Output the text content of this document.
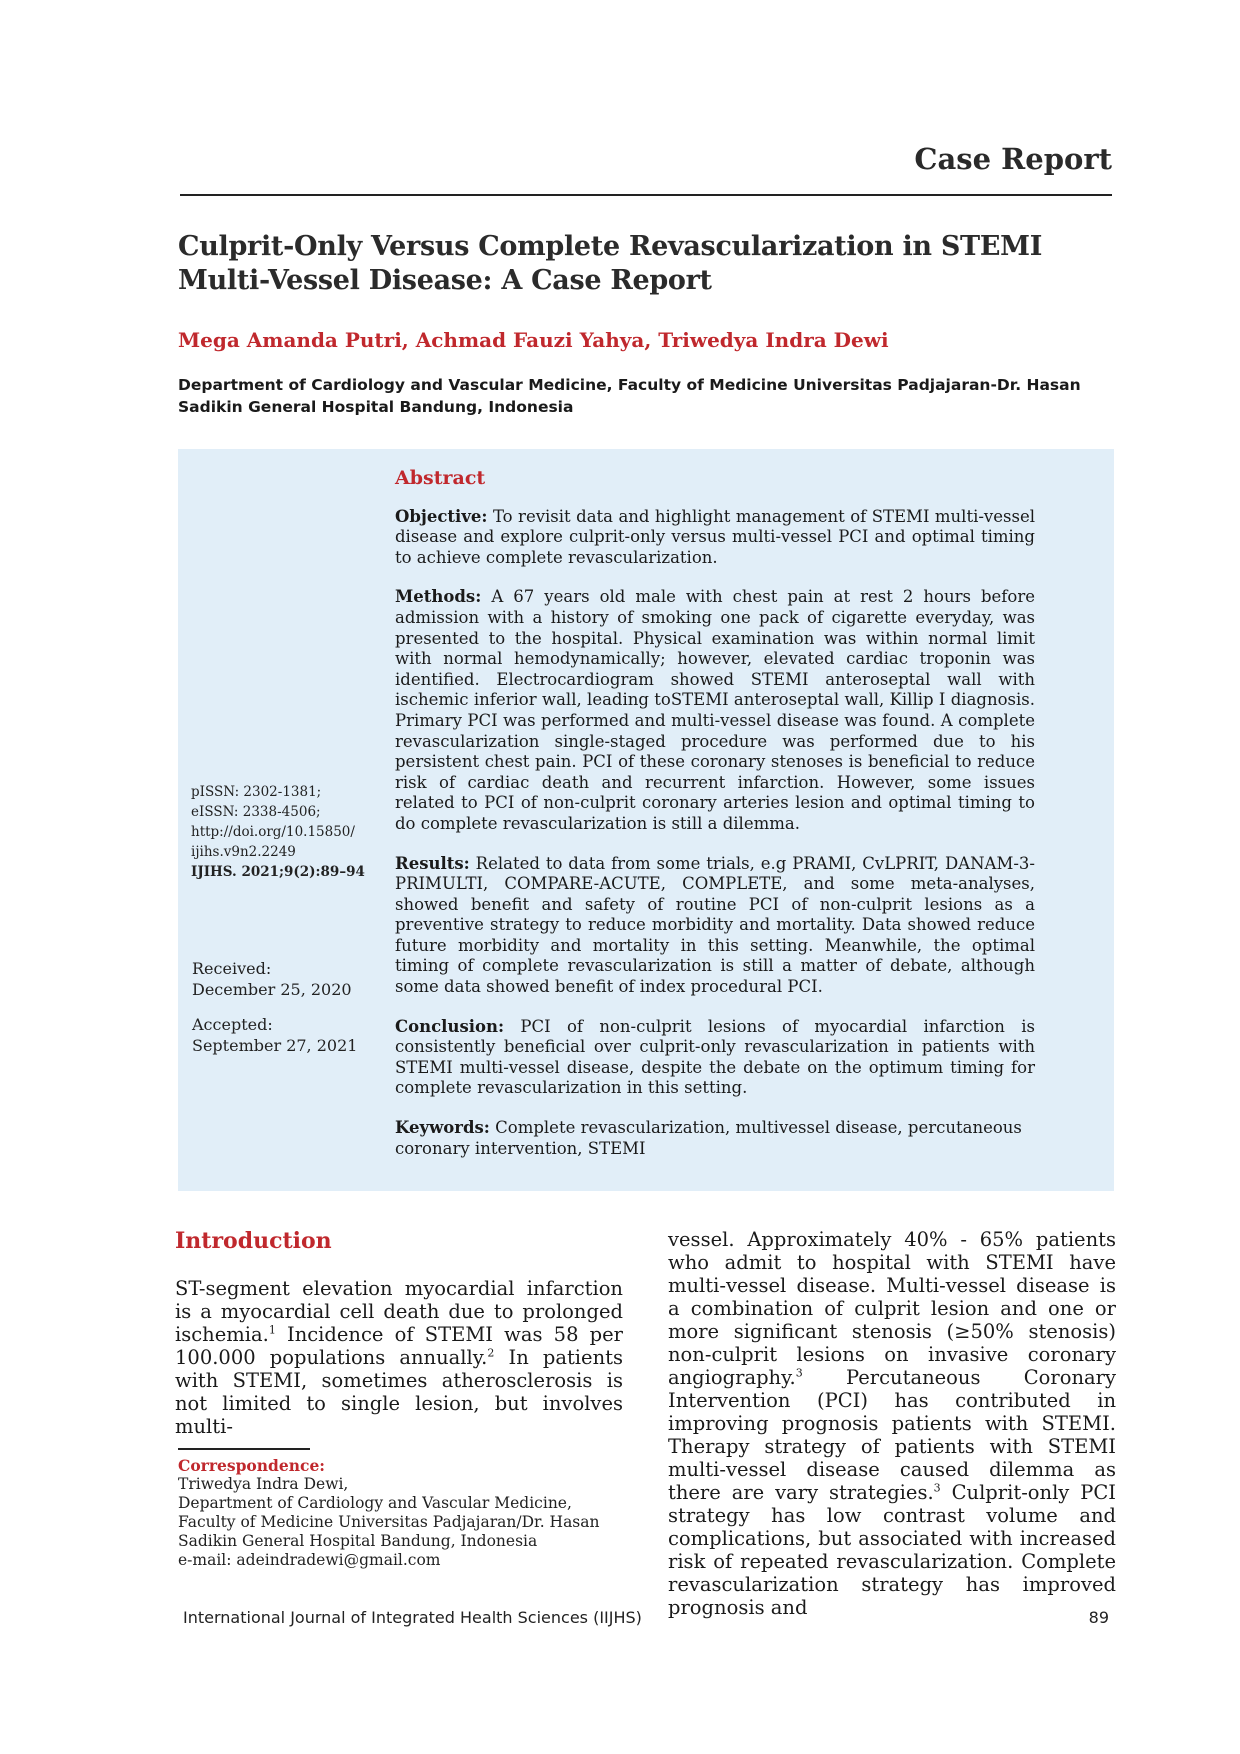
Case Report
Culprit-Only Versus Complete Revascularization in STEMI Multi-Vessel Disease: A Case Report
Mega Amanda Putri, Achmad Fauzi Yahya, Triwedya Indra Dewi
Department of Cardiology and Vascular Medicine, Faculty of Medicine Universitas Padjajaran-Dr. Hasan Sadikin General Hospital Bandung, Indonesia
pISSN: 2302-1381;
eISSN: 2338-4506;
http://doi.org/10.15850/
ijihs.v9n2.2249
IJIHS. 2021;9(2):89–94

Received:
December 25, 2020

Accepted:
September 27, 2021

Abstract

Objective: To revisit data and highlight management of STEMI multi-vessel disease and explore culprit-only versus multi-vessel PCI and optimal timing to achieve complete revascularization.

Methods: A 67 years old male with chest pain at rest 2 hours before admission with a history of smoking one pack of cigarette everyday, was presented to the hospital. Physical examination was within normal limit with normal hemodynamically; however, elevated cardiac troponin was identified. Electrocardiogram showed STEMI anteroseptal wall with ischemic inferior wall, leading toSTEMI anteroseptal wall, Killip I diagnosis. Primary PCI was performed and multi-vessel disease was found. A complete revascularization single-staged procedure was performed due to his persistent chest pain. PCI of these coronary stenoses is beneficial to reduce risk of cardiac death and recurrent infarction. However, some issues related to PCI of non-culprit coronary arteries lesion and optimal timing to do complete revascularization is still a dilemma.

Results: Related to data from some trials, e.g PRAMI, CvLPRIT, DANAM-3-PRIMULTI, COMPARE-ACUTE, COMPLETE, and some meta-analyses, showed benefit and safety of routine PCI of non-culprit lesions as a preventive strategy to reduce morbidity and mortality. Data showed reduce future morbidity and mortality in this setting. Meanwhile, the optimal timing of complete revascularization is still a matter of debate, although some data showed benefit of index procedural PCI.

Conclusion: PCI of non-culprit lesions of myocardial infarction is consistently beneficial over culprit-only revascularization in patients with STEMI multi-vessel disease, despite the debate on the optimum timing for complete revascularization in this setting.

Keywords: Complete revascularization, multivessel disease, percutaneous coronary intervention, STEMI

Introduction
ST-segment elevation myocardial infarction is a myocardial cell death due to prolonged ischemia.$^1$ Incidence of STEMI was 58 per 100.000 populations annually.$^2$ In patients with STEMI, sometimes atherosclerosis is not limited to single lesion, but involves multi-
vessel. Approximately 40% - 65% patients who admit to hospital with STEMI have multi-vessel disease. Multi-vessel disease is a combination of culprit lesion and one or more significant stenosis (≥50% stenosis) non-culprit lesions on invasive coronary angiography.$^3$ Percutaneous Coronary Intervention (PCI) has contributed in improving prognosis patients with STEMI. Therapy strategy of patients with STEMI multi-vessel disease caused dilemma as there are vary strategies.$^3$ Culprit-only PCI strategy has low contrast volume and complications, but associated with increased risk of repeated revascularization. Complete revascularization strategy has improved prognosis and
Correspondence:
Triwedya Indra Dewi,
Department of Cardiology and Vascular Medicine,
Faculty of Medicine Universitas Padjajaran/Dr. Hasan
Sadikin General Hospital Bandung, Indonesia
e-mail: adeindradewi@gmail.com
International Journal of Integrated Health Sciences (IIJHS)	89
